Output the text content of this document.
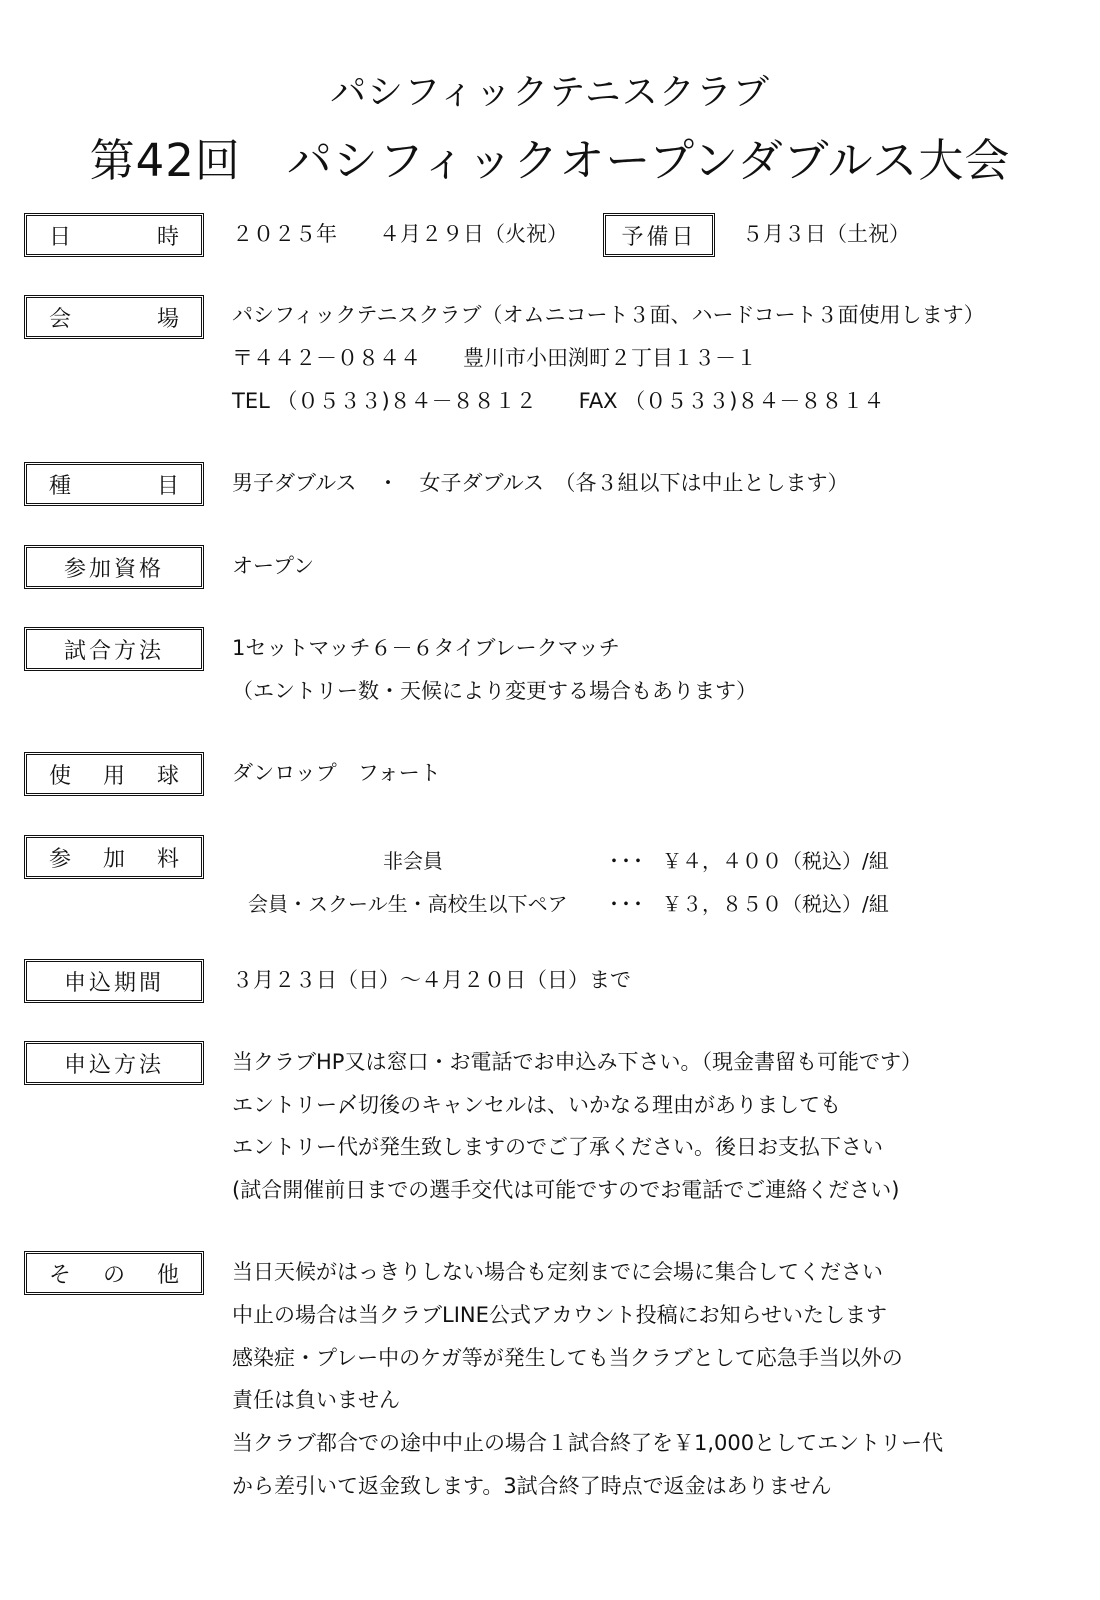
パシフィックテニスクラブ
第42回　パシフィックオープンダブルス大会
日	時	２０２５年　　４月２９日（火祝）	予備日	５月３日（土祝）
会	場	パシフィックテニスクラブ（オムニコート３面、ハードコート３面使用します）
〒４４２－０８４４　　豊川市小田渕町２丁目１３－１
TEL （０５３３)８４－８８１２　　FAX （０５３３)８４－８８１４
種	目	男子ダブルス　・　女子ダブルス　（各３組以下は中止とします）
参加資格	オープン
試合方法	1セットマッチ６－６タイブレークマッチ
（エントリー数・天候により変更する場合もあります）
使 用 球	ダンロップ　フォート
参 加 料	非会員	･･･ ￥４，４００（税込）/組
会員・スクール生・高校生以下ペア ･･･ ￥３，８５０（税込）/組
申込期間	３月２３日（日）～４月２０日（日）まで
申込方法	当クラブHP又は窓口・お電話でお申込み下さい。（現金書留も可能です）
エントリー〆切後のキャンセルは、いかなる理由がありましても
エントリー代が発生致しますのでご了承ください。後日お支払下さい
(試合開催前日までの選手交代は可能ですのでお電話でご連絡ください)
そ の 他	当日天候がはっきりしない場合も定刻までに会場に集合してください
中止の場合は当クラブLINE公式アカウント投稿にお知らせいたします
感染症・プレー中のケガ等が発生しても当クラブとして応急手当以外の
責任は負いません
当クラブ都合での途中中止の場合１試合終了を￥1,000としてエントリー代
から差引いて返金致します。3試合終了時点で返金はありません
